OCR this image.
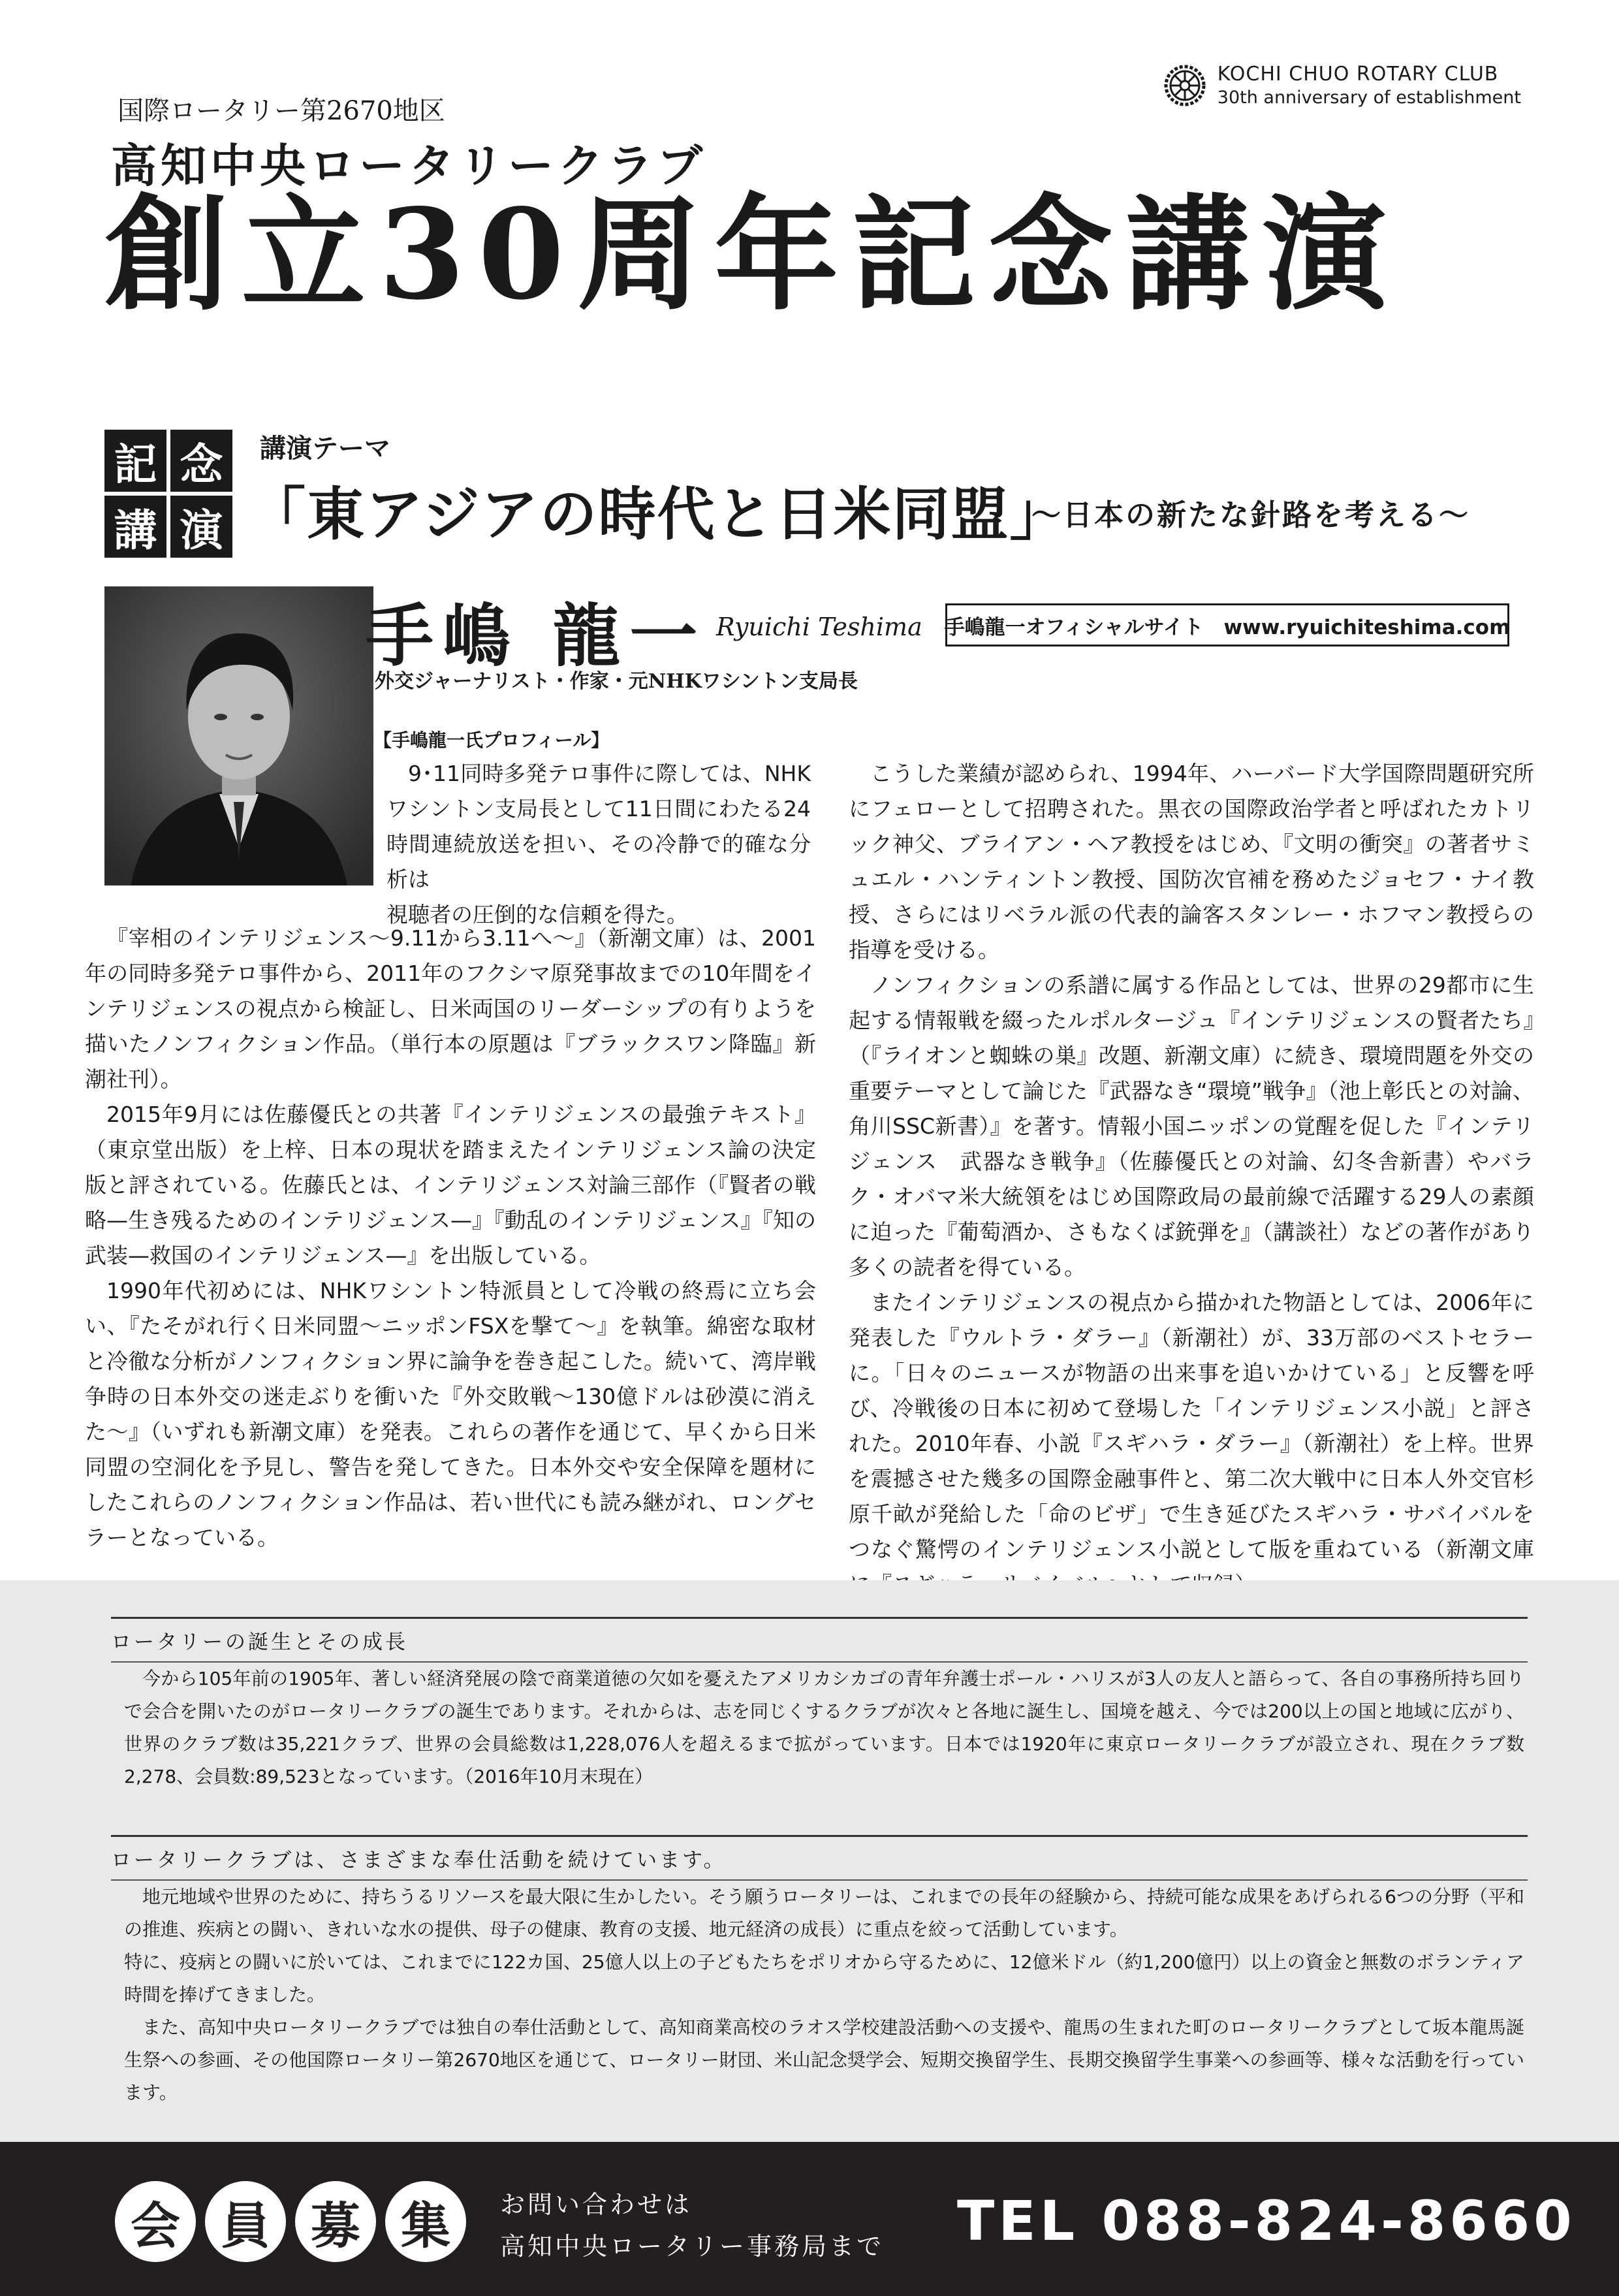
国際ロータリー第2670地区
高知中央ロータリークラブ
創立30周年記念講演
KOCHI CHUO ROTARY CLUB
30th anniversary of establishment
記 念
講 演
講演テーマ
「東アジアの時代と日米同盟」
〜日本の新たな針路を考える〜
手嶋 龍一 Ryuichi Teshima 手嶋龍一オフィシャルサイト　www.ryuichiteshima.com
外交ジャーナリスト・作家・元NHKワシントン支局長
【手嶋龍一氏プロフィール】

9･11同時多発テロ事件に際しては、NHKワシントン支局長として11日間にわたる24時間連続放送を担い、その冷静で的確な分析は

視聴者の圧倒的な信頼を得た。

『宰相のインテリジェンス〜9.11から3.11へ〜』（新潮文庫）は、2001年の同時多発テロ事件から、2011年のフクシマ原発事故までの10年間をインテリジェンスの視点から検証し、日米両国のリーダーシップの有りようを描いたノンフィクション作品。（単行本の原題は『ブラックスワン降臨』新潮社刊）。

2015年9月には佐藤優氏との共著『インテリジェンスの最強テキスト』（東京堂出版）を上梓、日本の現状を踏まえたインテリジェンス論の決定版と評されている。佐藤氏とは、インテリジェンス対論三部作（『賢者の戦略—生き残るためのインテリジェンス—』『動乱のインテリジェンス』『知の武装—救国のインテリジェンス—』を出版している。

1990年代初めには、NHKワシントン特派員として冷戦の終焉に立ち会い、『たそがれ行く日米同盟〜ニッポンFSXを撃て〜』を執筆。綿密な取材と冷徹な分析がノンフィクション界に論争を巻き起こした。続いて、湾岸戦争時の日本外交の迷走ぶりを衝いた『外交敗戦〜130億ドルは砂漠に消えた〜』（いずれも新潮文庫）を発表。これらの著作を通じて、早くから日米同盟の空洞化を予見し、警告を発してきた。日本外交や安全保障を題材にしたこれらのノンフィクション作品は、若い世代にも読み継がれ、ロングセラーとなっている。

こうした業績が認められ、1994年、ハーバード大学国際問題研究所にフェローとして招聘された。黒衣の国際政治学者と呼ばれたカトリック神父、ブライアン・ヘア教授をはじめ、『文明の衝突』の著者サミュエル・ハンティントン教授、国防次官補を務めたジョセフ・ナイ教授、さらにはリベラル派の代表的論客スタンレー・ホフマン教授らの指導を受ける。

ノンフィクションの系譜に属する作品としては、世界の29都市に生起する情報戦を綴ったルポルタージュ『インテリジェンスの賢者たち』（『ライオンと蜘蛛の巣』改題、新潮文庫）に続き、環境問題を外交の重要テーマとして論じた『武器なき“環境”戦争』（池上彰氏との対論、角川SSC新書）』を著す。情報小国ニッポンの覚醒を促した『インテリジェンス　武器なき戦争』（佐藤優氏との対論、幻冬舎新書）やバラク・オバマ米大統領をはじめ国際政局の最前線で活躍する29人の素顔に迫った『葡萄酒か、さもなくば銃弾を』（講談社）などの著作があり多くの読者を得ている。

またインテリジェンスの視点から描かれた物語としては、2006年に発表した『ウルトラ・ダラー』（新潮社）が、33万部のベストセラーに。「日々のニュースが物語の出来事を追いかけている」と反響を呼び、冷戦後の日本に初めて登場した「インテリジェンス小説」と評された。2010年春、小説『スギハラ・ダラー』（新潮社）を上梓。世界を震撼させた幾多の国際金融事件と、第二次大戦中に日本人外交官杉原千畝が発給した「命のビザ」で生き延びたスギハラ・サバイバルをつなぐ驚愕のインテリジェンス小説として版を重ねている（新潮文庫

ロータリーの誕生とその成長

今から105年前の1905年、著しい経済発展の陰で商業道徳の欠如を憂えたアメリカシカゴの青年弁護士ポール・ハリスが3人の友人と語らって、各自の事務所持ち回りで会合を開いたのがロータリークラブの誕生であります。それからは、志を同じくするクラブが次々と各地に誕生し、国境を越え、今では200以上の国と地域に広がり、世界のクラブ数は35,221クラブ、世界の会員総数は1,228,076人を超えるまで拡がっています。日本では1920年に東京ロータリークラブが設立され、現在クラブ数2,278、会員数:89,523となっています。（2016年10月末現在）

ロータリークラブは、さまざまな奉仕活動を続けています。

地元地域や世界のために、持ちうるリソースを最大限に生かしたい。そう願うロータリーは、これまでの長年の経験から、持続可能な成果をあげられる6つの分野（平和の推進、疾病との闘い、きれいな水の提供、母子の健康、教育の支援、地元経済の成長）に重点を絞って活動しています。

特に、疫病との闘いに於いては、これまでに122カ国、25億人以上の子どもたちをポリオから守るために、12億米ドル（約1,200億円）以上の資金と無数のボランティア時間を捧げてきました。

また、高知中央ロータリークラブでは独自の奉仕活動として、高知商業高校のラオス学校建設活動への支援や、龍馬の生まれた町のロータリークラブとして坂本龍馬誕生祭への参画、その他国際ロータリー第2670地区を通じて、ロータリー財団、米山記念奨学会、短期交換留学生、長期交換留学生事業への参画等、様々な活動を行っています。

会 員 募 集	お問い合わせは
高知中央ロータリー事務局まで TEL 088-824-8660
